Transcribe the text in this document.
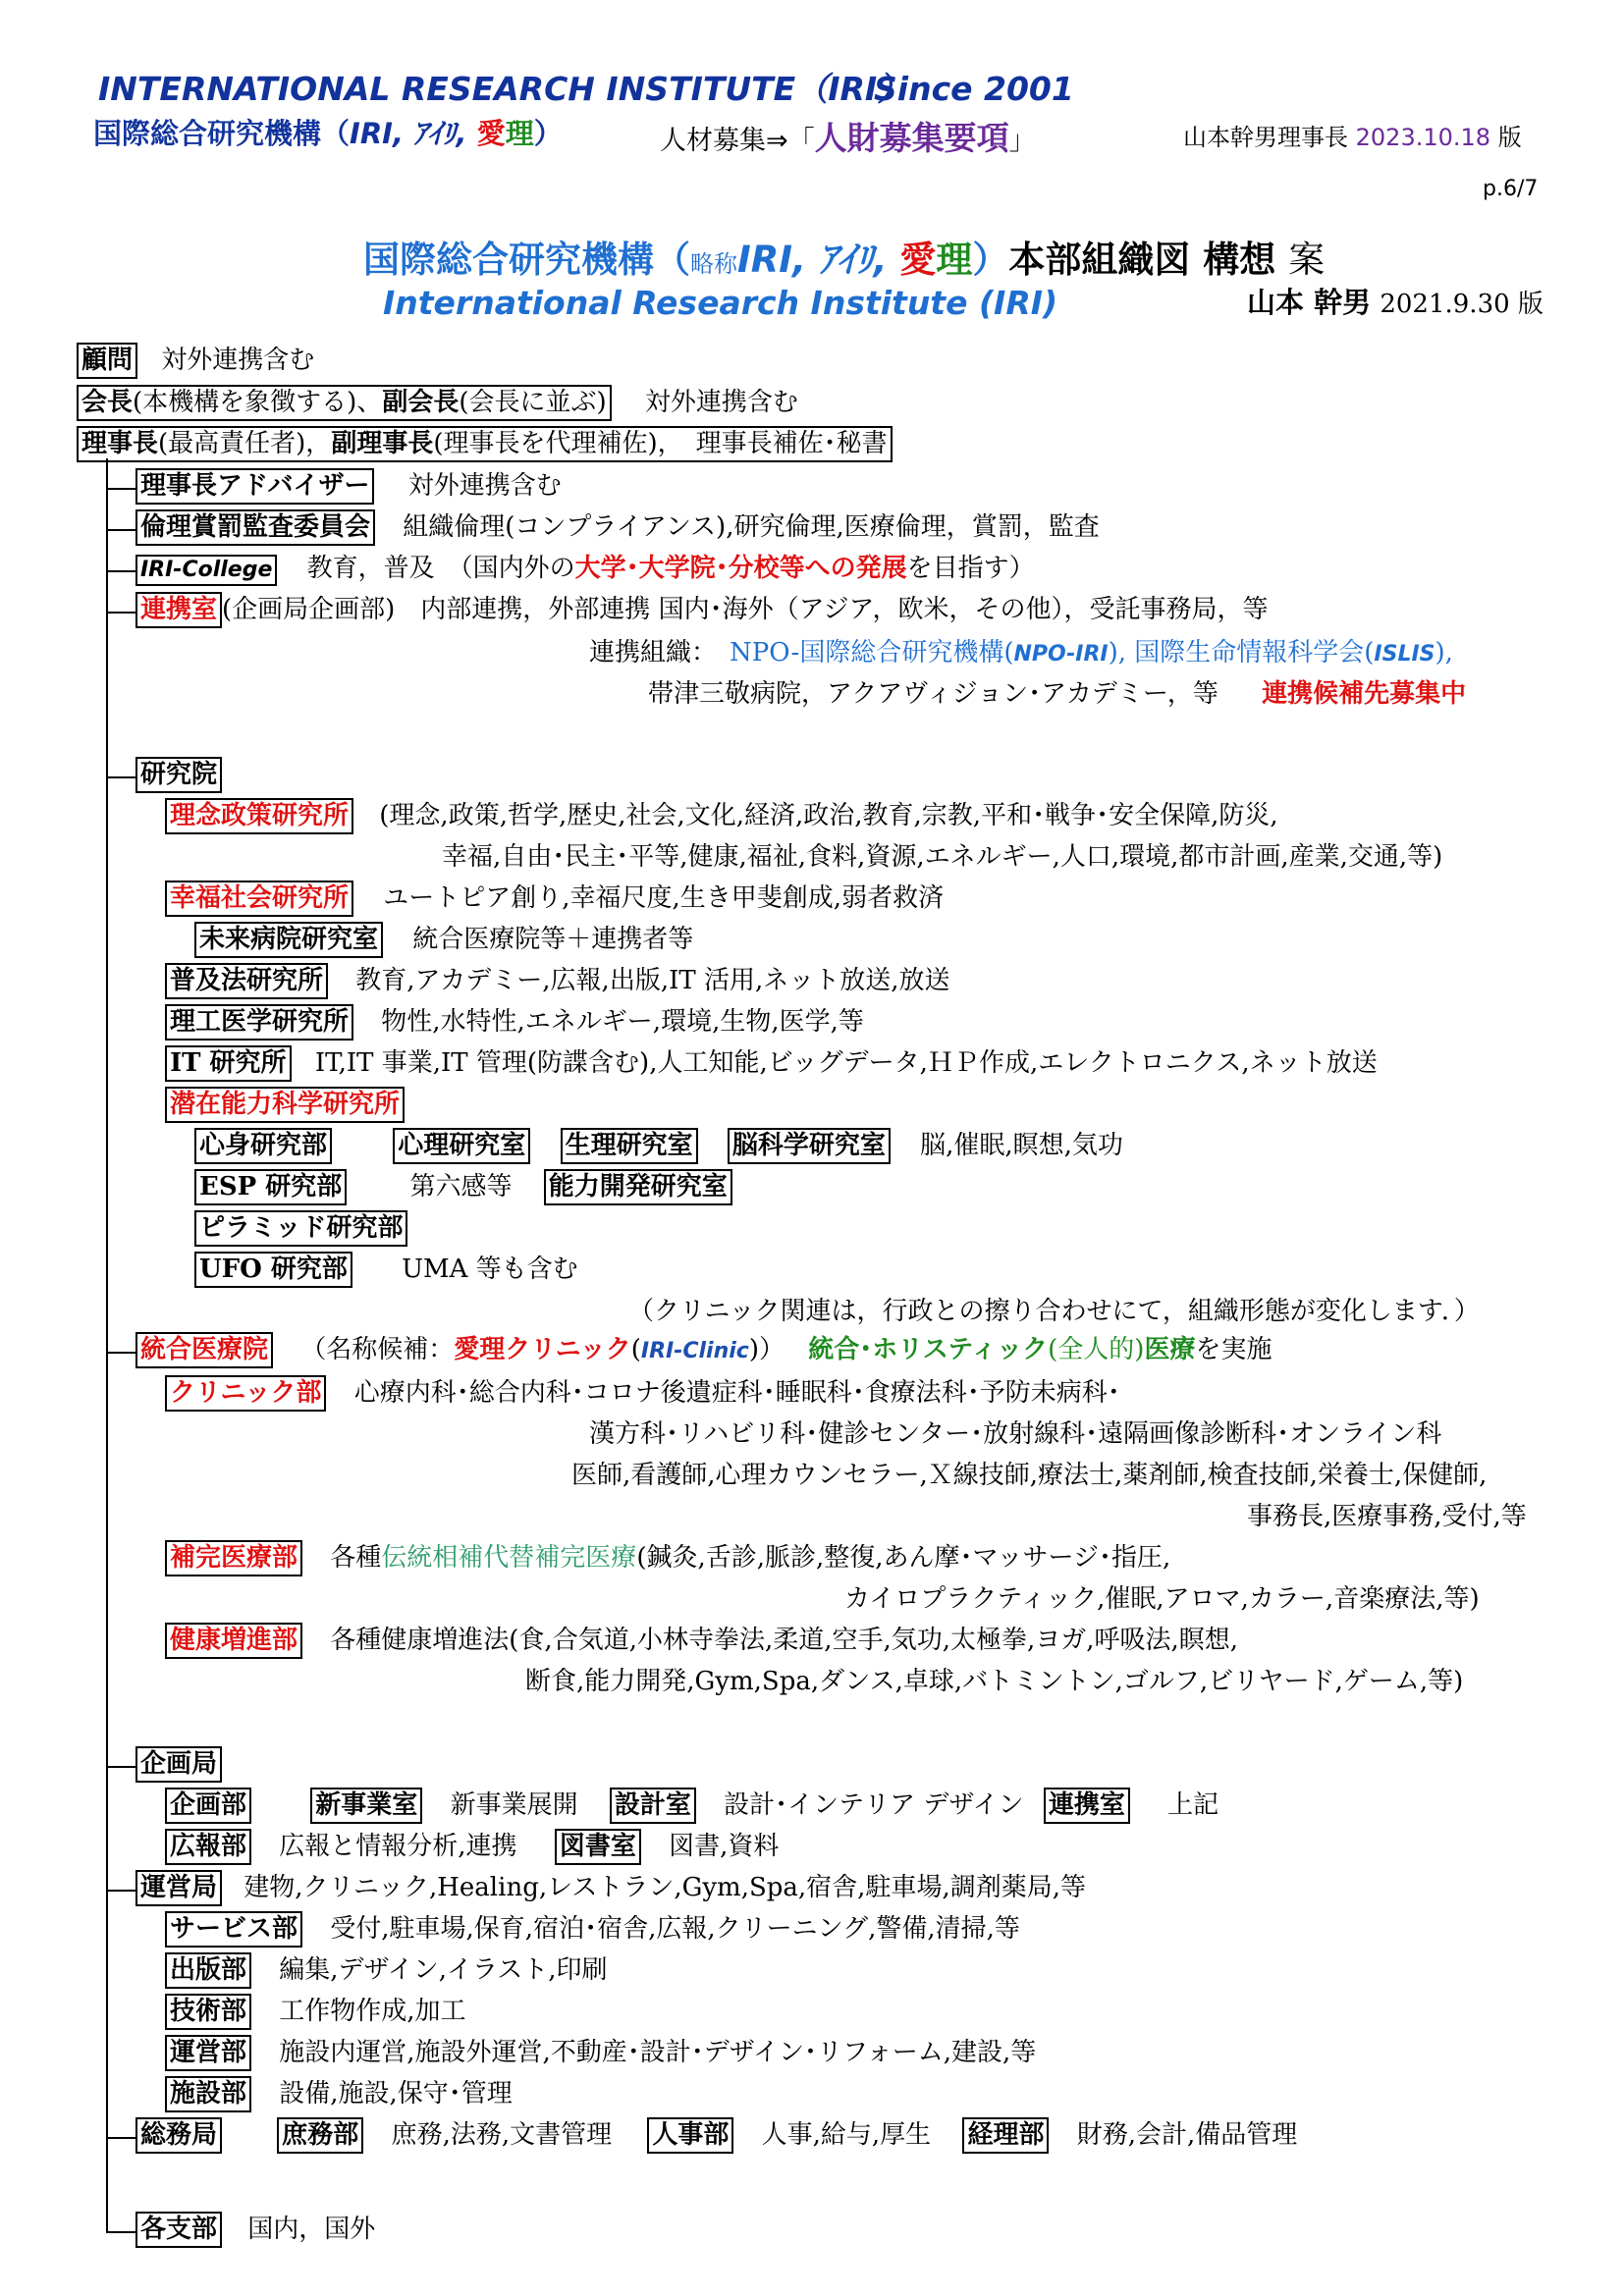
INTERNATIONAL RESEARCH INSTITUTE（IRI）
Since 2001
国際総合研究機構（IRI, ｱｲﾘ, 愛理）	人材募集⇒「人財募集要項」	山本幹男理事長 2023.10.18 版
p.6/7
国際総合研究機構（略称IRI, ｱｲﾘ, 愛理）本部組織図 構想 案
International Research Institute (IRI)	山本 幹男 2021.9.30 版
顧問 対外連携含む
会長(本機構を象徴する)、副会長(会長に並ぶ) 対外連携含む
理事長(最高責任者)，副理事長(理事長を代理補佐)，　 理事長補佐･秘書
理事長アドバイザー 対外連携含む
倫理賞罰監査委員会 組織倫理(コンプライアンス),研究倫理,医療倫理，賞罰，監査
IRI-College 教育，普及　（国内外の大学･大学院･分校等への発展を目指す）
連携室 (企画局企画部)　内部連携，外部連携 国内･海外（アジア，欧米，その他），受託事務局，等
連携組織：　 NPO-国際総合研究機構(NPO-IRI), 国際生命情報科学会(ISLIS),
帯津三敬病院，アクアヴィジョン･アカデミー，等 連携候補先募集中
研究院
理念政策研究所 (理念,政策,哲学,歴史,社会,文化,経済,政治,教育,宗教,平和･戦争･安全保障,防災,
幸福,自由･民主･平等,健康,福祉,食料,資源,エネルギー,人口,環境,都市計画,産業,交通,等)
幸福社会研究所 ユートピア創り,幸福尺度,生き甲斐創成,弱者救済
未来病院研究室 統合医療院等＋連携者等
普及法研究所 教育,アカデミー,広報,出版,IT 活用,ネット放送,放送
理工医学研究所 物性,水特性,エネルギー,環境,生物,医学,等
IT 研究所 IT,IT 事業,IT 管理(防諜含む),人工知能,ビッグデータ,ＨＰ作成,エレクトロニクス,ネット放送
潜在能力科学研究所
心身研究部	心理研究室 生理研究室 脳科学研究室 脳,催眠,瞑想,気功
ESP 研究部	第六感等 能力開発研究室
ピラミッド研究部
UFO 研究部 UMA 等も含む
（クリニック関連は，行政との擦り合わせにて，組織形態が変化します．）
統合医療院 （名称候補：愛理クリニック(IRI-Clinic)） 統合･ホリスティック(全人的)医療を実施
クリニック部 心療内科･総合内科･コロナ後遺症科･睡眠科･食療法科･予防未病科･
漢方科･リハビリ科･健診センター･放射線科･遠隔画像診断科･オンライン科
医師,看護師,心理カウンセラー,Ｘ線技師,療法士,薬剤師,検査技師,栄養士,保健師,
事務長,医療事務,受付,等
補完医療部 各種伝統相補代替補完医療(鍼灸,舌診,脈診,整復,あん摩･マッサージ･指圧,
カイロプラクティック,催眠,アロマ,カラー,音楽療法,等)
健康増進部 各種健康増進法(食,合気道,小林寺拳法,柔道,空手,気功,太極拳,ヨガ,呼吸法,瞑想,
断食,能力開発,Gym,Spa,ダンス,卓球,バトミントン,ゴルフ,ビリヤード,ゲーム,等)
企画局
企画部	新事業室 新事業展開 設計室 設計･インテリア デザイン 連携室 上記
広報部 広報と情報分析,連携 図書室 図書,資料
運営局 建物,クリニック,Healing,レストラン,Gym,Spa,宿舎,駐車場,調剤薬局,等
サービス部 受付,駐車場,保育,宿泊･宿舎,広報,クリーニング,警備,清掃,等
出版部 編集,デザイン,イラスト,印刷
技術部 工作物作成,加工
運営部 施設内運営,施設外運営,不動産･設計･デザイン･リフォーム,建設,等
施設部 設備,施設,保守･管理
総務局	庶務部 庶務,法務,文書管理 人事部 人事,給与,厚生 経理部 財務,会計,備品管理
各支部 国内，国外
